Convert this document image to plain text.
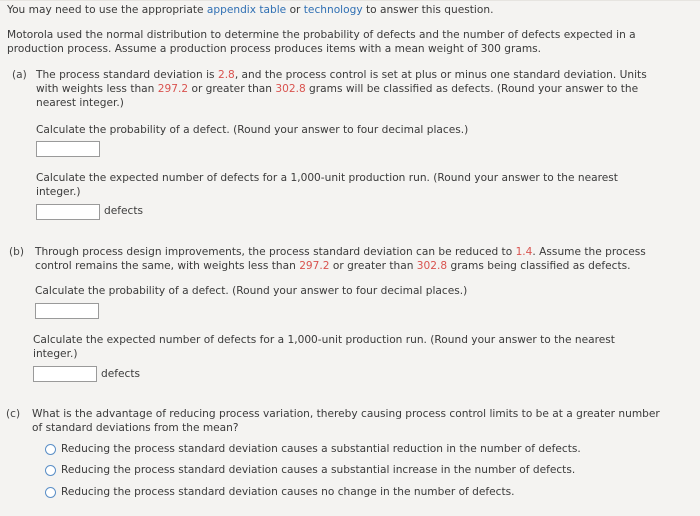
You may need to use the appropriate appendix table or technology to answer this question.
Motorola used the normal distribution to determine the probability of defects and the number of defects expected in a
production process. Assume a production process produces items with a mean weight of 300 grams.
(a) The process standard deviation is 2.8, and the process control is set at plus or minus one standard deviation. Units
with weights less than 297.2 or greater than 302.8 grams will be classified as defects. (Round your answer to the
nearest integer.)
Calculate the probability of a defect. (Round your answer to four decimal places.)
Calculate the expected number of defects for a 1,000-unit production run. (Round your answer to the nearest
integer.)
defects
(b) Through process design improvements, the process standard deviation can be reduced to 1.4. Assume the process
control remains the same, with weights less than 297.2 or greater than 302.8 grams being classified as defects.
Calculate the probability of a defect. (Round your answer to four decimal places.)
Calculate the expected number of defects for a 1,000-unit production run. (Round your answer to the nearest
integer.)
defects
(c) What is the advantage of reducing process variation, thereby causing process control limits to be at a greater number
of standard deviations from the mean?
Reducing the process standard deviation causes a substantial reduction in the number of defects.
Reducing the process standard deviation causes a substantial increase in the number of defects.
Reducing the process standard deviation causes no change in the number of defects.
